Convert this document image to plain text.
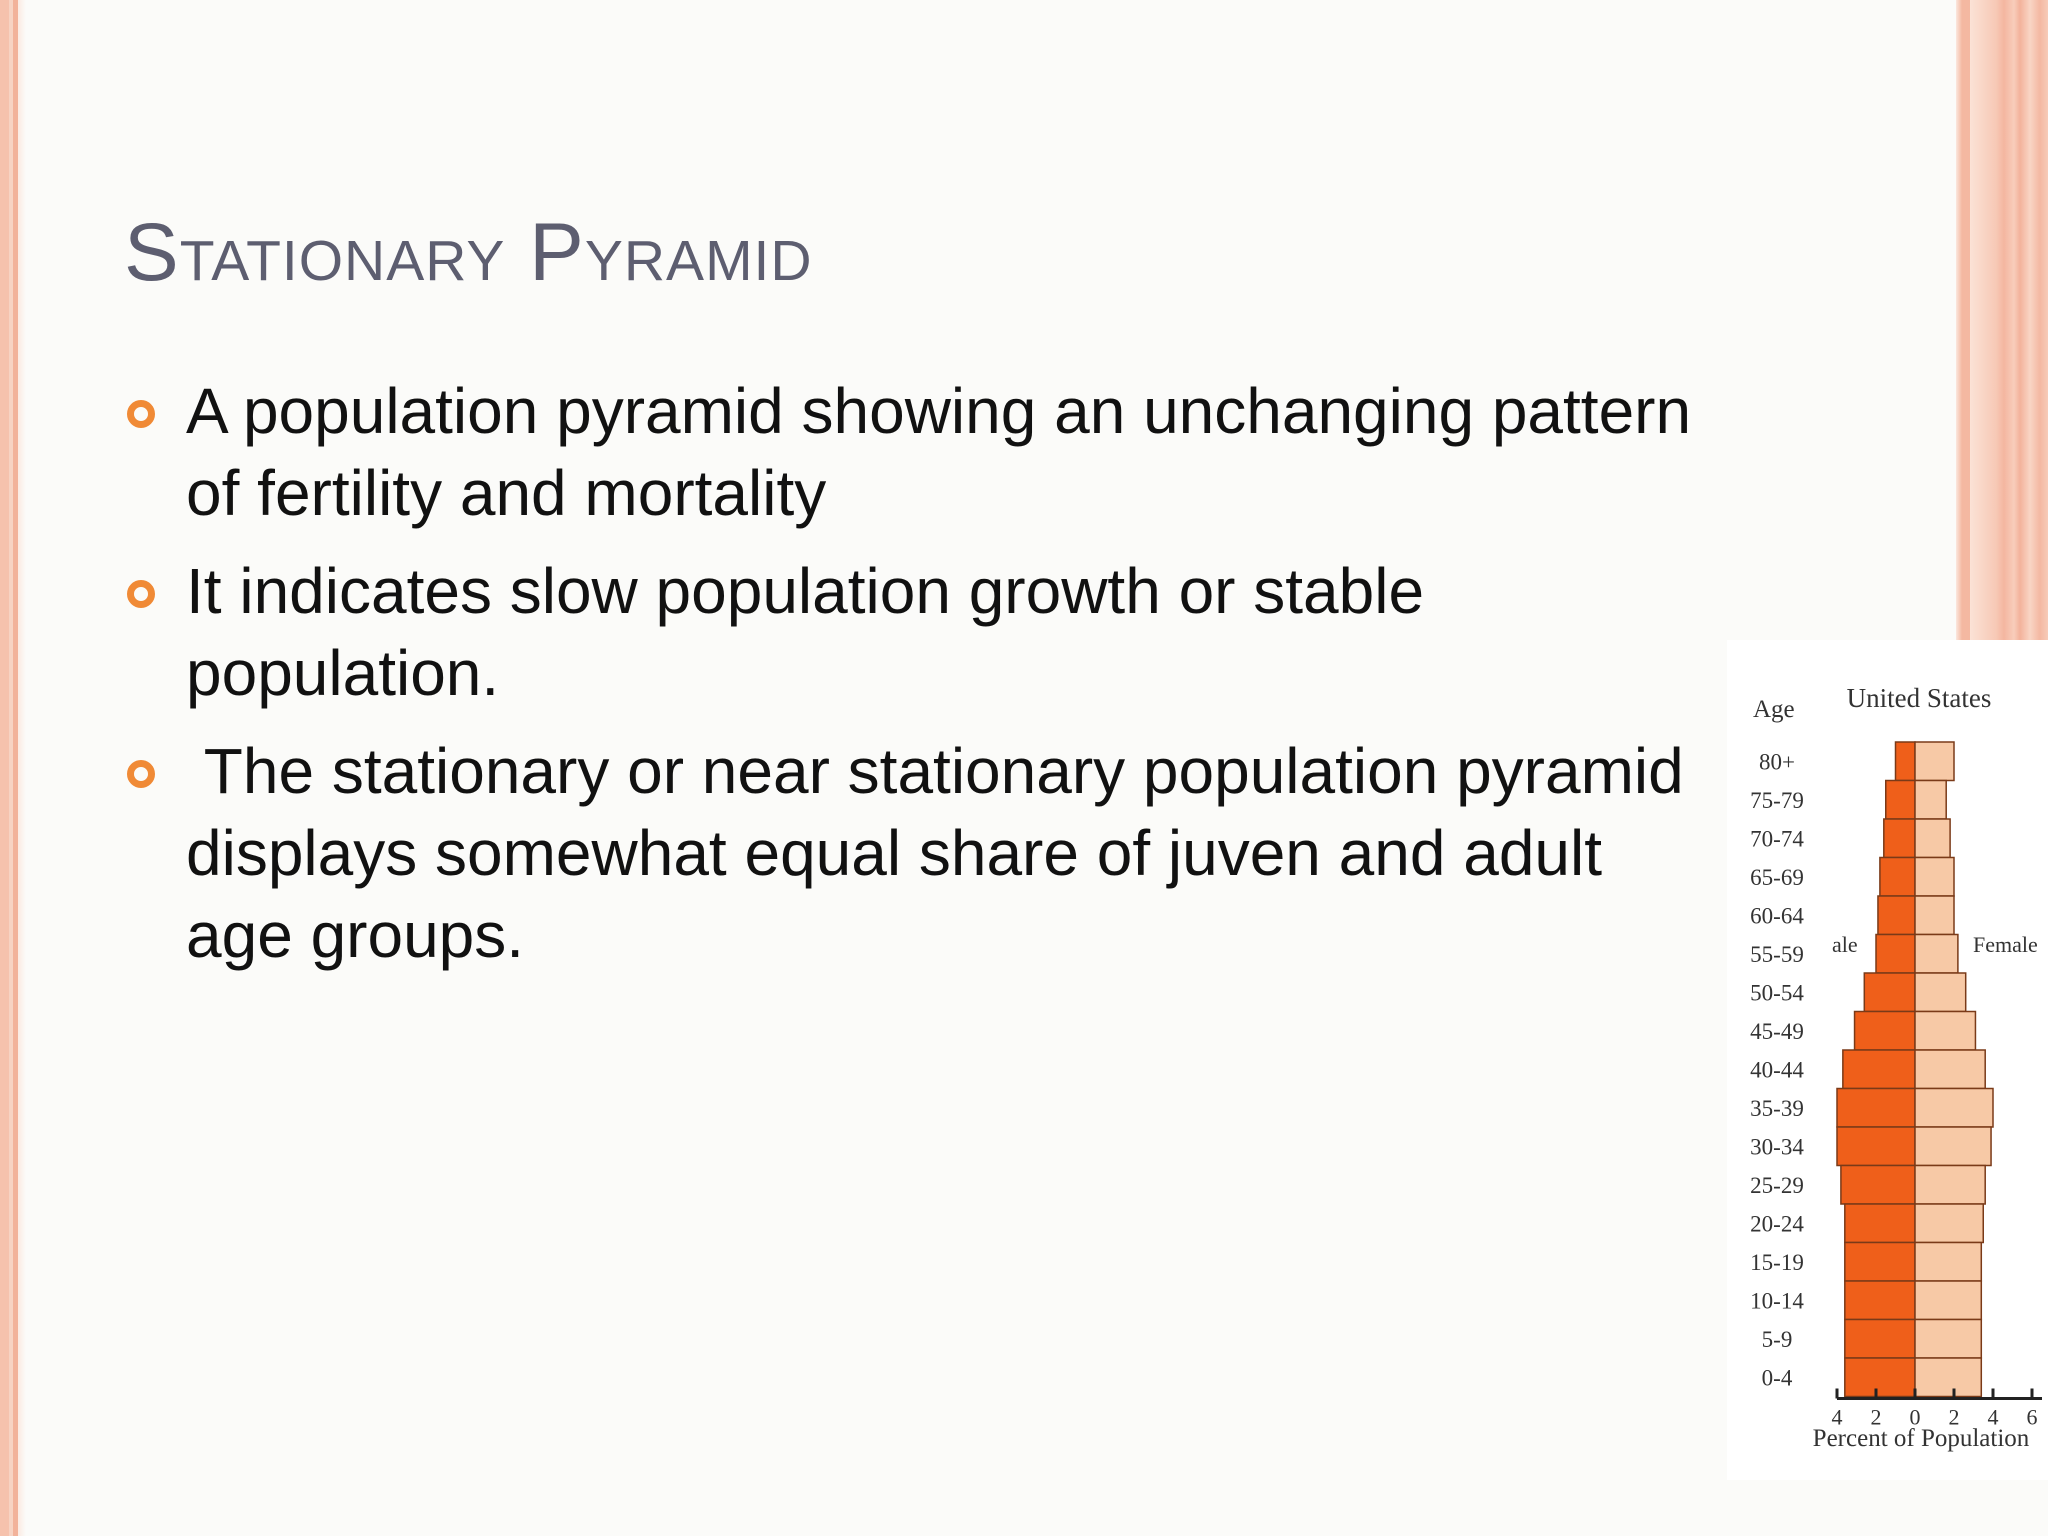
Stationary Pyramid
A population pyramid showing an unchanging pattern of fertility and mortality
It indicates slow population growth or stable population.
The stationary or near stationary population pyramid displays somewhat equal share of juven and adult age groups.
United States
Age
ale	Female
Percent of Population
80+
75-79
70-74
65-69
60-64
55-59
50-54
45-49
40-44
35-39
30-34
25-29
20-24
15-19
10-14
5-9
0-4
4 2 0 2 4 6
